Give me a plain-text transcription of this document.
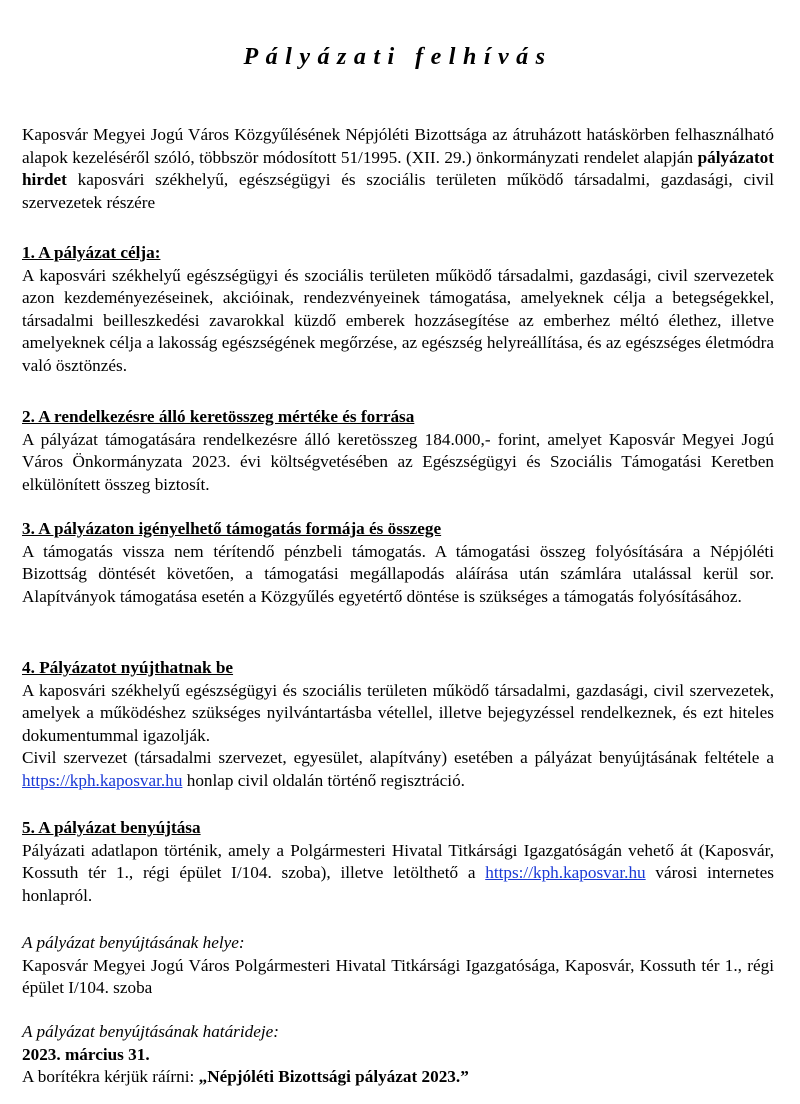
Pályázati felhívás

Kaposvár Megyei Jogú Város Közgyűlésének Népjóléti Bizottsága az átruházott hatáskörben felhasználható alapok kezeléséről szóló, többször módosított 51/1995. (XII. 29.) önkormányzati rendelet alapján pályázatot hirdet kaposvári székhelyű, egészségügyi és szociális területen működő társadalmi, gazdasági, civil szervezetek részére

1. A pályázat célja:

A kaposvári székhelyű egészségügyi és szociális területen működő társadalmi, gazdasági, civil szervezetek azon kezdeményezéseinek, akcióinak, rendezvényeinek támogatása, amelyeknek célja a betegségekkel, társadalmi beilleszkedési zavarokkal küzdő emberek hozzásegítése az emberhez méltó élethez, illetve amelyeknek célja a lakosság egészségének megőrzése, az egészség helyreállítása, és az egészséges életmódra való ösztönzés.

2. A rendelkezésre álló keretösszeg mértéke és forrása

A pályázat támogatására rendelkezésre álló keretösszeg 184.000,- forint, amelyet Kaposvár Megyei Jogú Város Önkormányzata 2023. évi költségvetésében az Egészségügyi és Szociális Támogatási Keretben elkülönített összeg biztosít.

3. A pályázaton igényelhető támogatás formája és összege

A támogatás vissza nem térítendő pénzbeli támogatás. A támogatási összeg folyósítására a Népjóléti Bizottság döntését követően, a támogatási megállapodás aláírása után számlára utalással kerül sor. Alapítványok támogatása esetén a Közgyűlés egyetértő döntése is szükséges a támogatás folyósításához.

4. Pályázatot nyújthatnak be

A kaposvári székhelyű egészségügyi és szociális területen működő társadalmi, gazdasági, civil szervezetek, amelyek a működéshez szükséges nyilvántartásba vétellel, illetve bejegyzéssel rendelkeznek, és ezt hiteles dokumentummal igazolják.

Civil szervezet (társadalmi szervezet, egyesület, alapítvány) esetében a pályázat benyújtásának feltétele a https://kph.kaposvar.hu honlap civil oldalán történő regisztráció.

5. A pályázat benyújtása

Pályázati adatlapon történik, amely a Polgármesteri Hivatal Titkársági Igazgatóságán vehető át (Kaposvár, Kossuth tér 1., régi épület I/104. szoba), illetve letölthető a https://kph.kaposvar.hu városi internetes honlapról.

A pályázat benyújtásának helye:

Kaposvár Megyei Jogú Város Polgármesteri Hivatal Titkársági Igazgatósága, Kaposvár, Kossuth tér 1., régi épület I/104. szoba

A pályázat benyújtásának határideje:

2023. március 31.

A borítékra kérjük ráírni: „Népjóléti Bizottsági pályázat 2023.”
